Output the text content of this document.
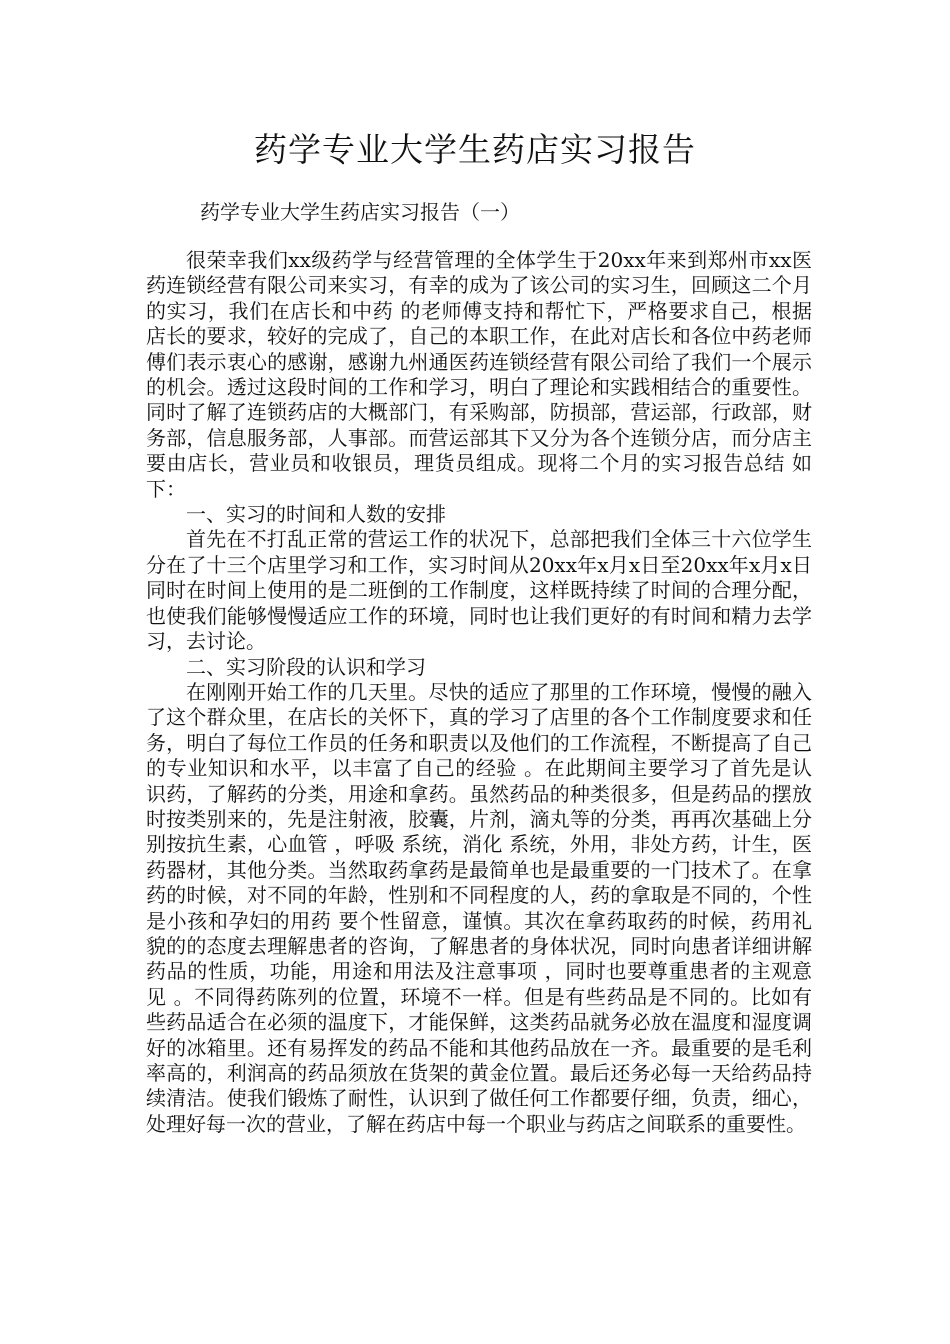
药学专业大学生药店实习报告
药学专业大学生药店实习报告（一）

很荣幸我们xx级药学与经营管理的全体学生于20xx年来到郑州市xx医药连锁经营有限公司来实习，有幸的成为了该公司的实习生，回顾这二个月的实习，我们在店长和中药 的老师傅支持和帮忙下，严格要求自己，根据店长的要求，较好的完成了，自己的本职工作，在此对店长和各位中药老师傅们表示衷心的感谢，感谢九州通医药连锁经营有限公司给了我们一个展示的机会。透过这段时间的工作和学习，明白了理论和实践相结合的重要性。同时了解了连锁药店的大概部门，有采购部，防损部，营运部，行政部，财务部，信息服务部，人事部。而营运部其下又分为各个连锁分店，而分店主要由店长，营业员和收银员，理货员组成。现将二个月的实习报告总结 如下：

一、实习的时间和人数的安排

首先在不打乱正常的营运工作的状况下，总部把我们全体三十六位学生分在了十三个店里学习和工作，实习时间从20xx年x月x日至20xx年x月x日同时在时间上使用的是二班倒的工作制度，这样既持续了时间的合理分配，也使我们能够慢慢适应工作的环境，同时也让我们更好的有时间和精力去学习，去讨论。

二、实习阶段的认识和学习

在刚刚开始工作的几天里。尽快的适应了那里的工作环境，慢慢的融入了这个群众里，在店长的关怀下，真的学习了店里的各个工作制度要求和任务，明白了每位工作员的任务和职责以及他们的工作流程，不断提高了自己的专业知识和水平，以丰富了自己的经验 。在此期间主要学习了首先是认识药，了解药的分类，用途和拿药。虽然药品的种类很多，但是药品的摆放时按类别来的，先是注射液，胶囊，片剂，滴丸等的分类，再再次基础上分别按抗生素，心血管 ，呼吸 系统，消化 系统，外用，非处方药，计生，医药器材，其他分类。当然取药拿药是最简单也是最重要的一门技术了。在拿药的时候，对不同的年龄，性别和不同程度的人，药的拿取是不同的，个性是小孩和孕妇的用药 要个性留意，谨慎。其次在拿药取药的时候，药用礼貌的的态度去理解患者的咨询，了解患者的身体状况，同时向患者详细讲解药品的性质，功能，用途和用法及注意事项 ，同时也要尊重患者的主观意见 。不同得药陈列的位置，环境不一样。但是有些药品是不同的。比如有些药品适合在必须的温度下，才能保鲜，这类药品就务必放在温度和湿度调好的冰箱里。还有易挥发的药品不能和其他药品放在一齐。最重要的是毛利率高的，利润高的药品须放在货架的黄金位置。最后还务必每一天给药品持续清洁。使我们锻炼了耐性，认识到了做任何工作都要仔细，负责，细心，处理好每一次的营业，了解在药店中每一个职业与药店之间联系的重要性。
